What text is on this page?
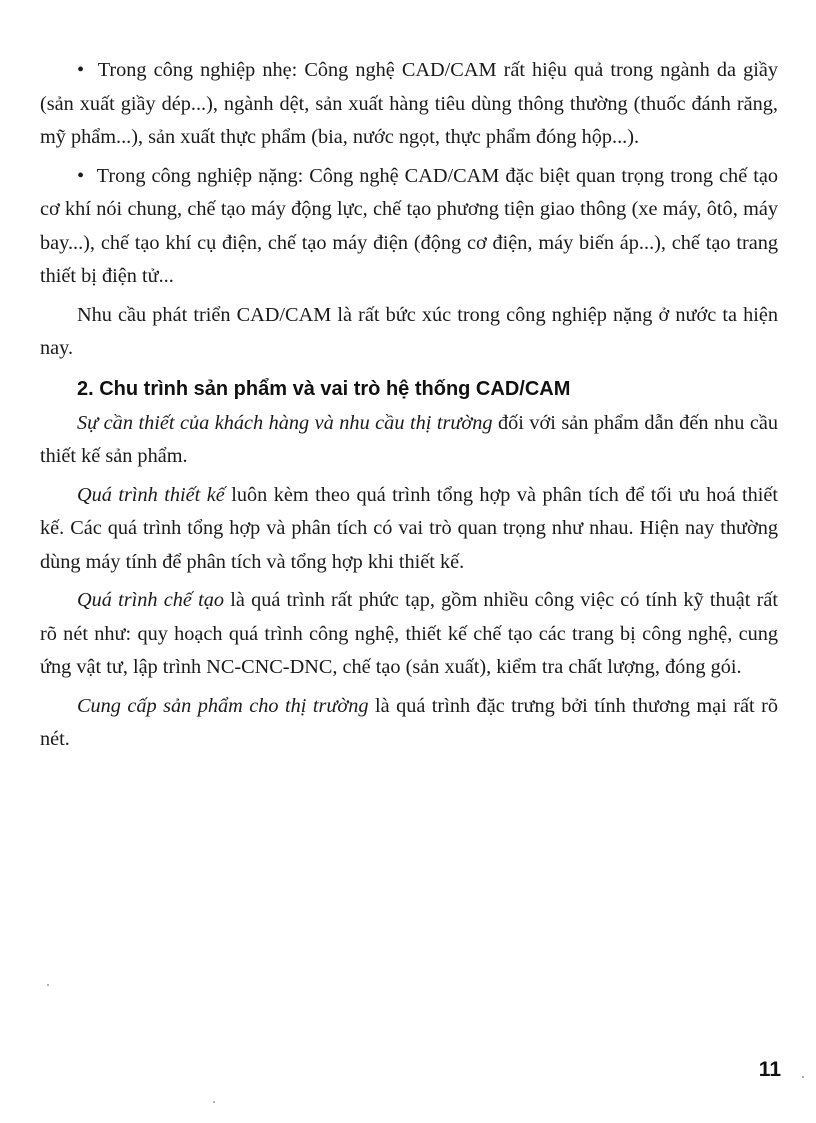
• Trong công nghiệp nhẹ: Công nghệ CAD/CAM rất hiệu quả trong ngành da giầy (sản xuất giầy dép...), ngành dệt, sản xuất hàng tiêu dùng thông thường (thuốc đánh răng, mỹ phẩm...), sản xuất thực phẩm (bia, nước ngọt, thực phẩm đóng hộp...).

• Trong công nghiệp nặng: Công nghệ CAD/CAM đặc biệt quan trọng trong chế tạo cơ khí nói chung, chế tạo máy động lực, chế tạo phương tiện giao thông (xe máy, ôtô, máy bay...), chế tạo khí cụ điện, chế tạo máy điện (động cơ điện, máy biến áp...), chế tạo trang thiết bị điện tử...

Nhu cầu phát triển CAD/CAM là rất bức xúc trong công nghiệp nặng ở nước ta hiện nay.

2. Chu trình sản phẩm và vai trò hệ thống CAD/CAM

Sự cần thiết của khách hàng và nhu cầu thị trường đối với sản phẩm dẫn đến nhu cầu thiết kế sản phẩm.

Quá trình thiết kế luôn kèm theo quá trình tổng hợp và phân tích để tối ưu hoá thiết kế. Các quá trình tổng hợp và phân tích có vai trò quan trọng như nhau. Hiện nay thường dùng máy tính để phân tích và tổng hợp khi thiết kế.

Quá trình chế tạo là quá trình rất phức tạp, gồm nhiều công việc có tính kỹ thuật rất rõ nét như: quy hoạch quá trình công nghệ, thiết kế chế tạo các trang bị công nghệ, cung ứng vật tư, lập trình NC-CNC-DNC, chế tạo (sản xuất), kiểm tra chất lượng, đóng gói.

Cung cấp sản phẩm cho thị trường là quá trình đặc trưng bởi tính thương mại rất rõ nét.

11
